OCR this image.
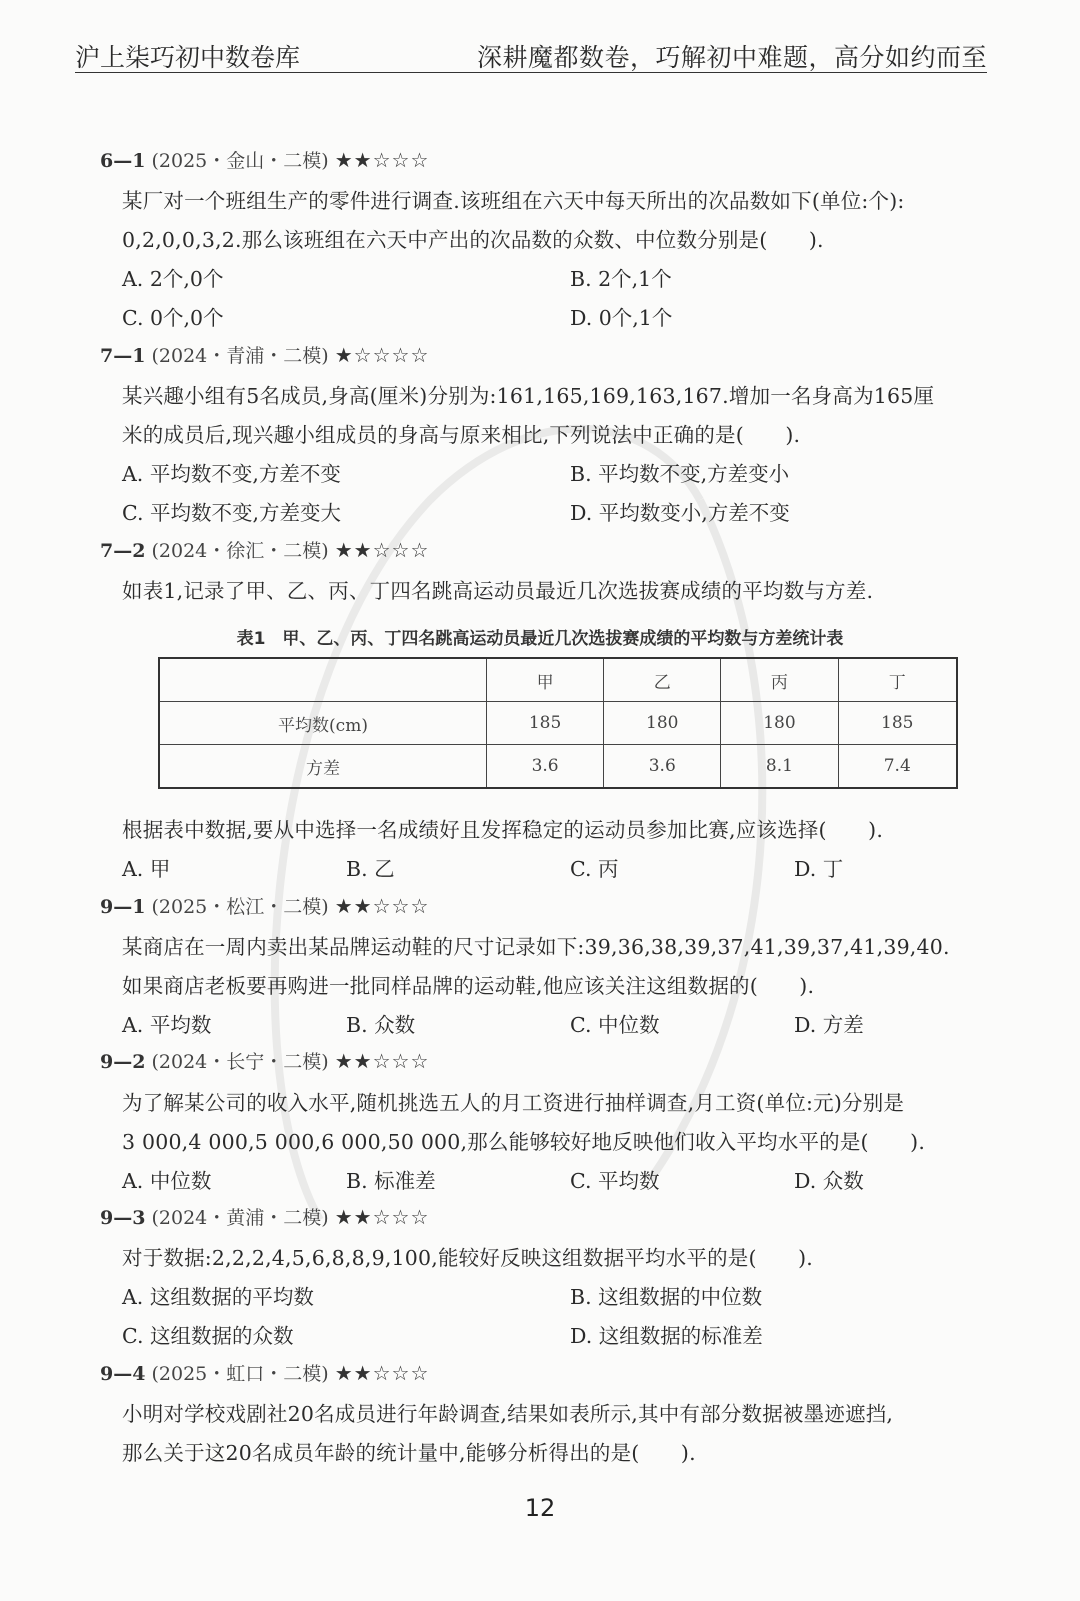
沪上柒巧初中数卷库	深耕魔都数卷，巧解初中难题，高分如约而至
6—1 (2025・金山・二模) ★★☆☆☆
某厂对一个班组生产的零件进行调查.该班组在六天中每天所出的次品数如下(单位:个):
0,2,0,0,3,2.那么该班组在六天中产出的次品数的众数、中位数分别是(　　).
A. 2个,0个	B. 2个,1个
C. 0个,0个	D. 0个,1个
7—1 (2024・青浦・二模) ★☆☆☆☆
某兴趣小组有5名成员,身高(厘米)分别为:161,165,169,163,167.增加一名身高为165厘
米的成员后,现兴趣小组成员的身高与原来相比,下列说法中正确的是(　　).
A. 平均数不变,方差不变	B. 平均数不变,方差变小
C. 平均数不变,方差变大	D. 平均数变小,方差不变
7—2 (2024・徐汇・二模) ★★☆☆☆
如表1,记录了甲、乙、丙、丁四名跳高运动员最近几次选拔赛成绩的平均数与方差.
表1　甲、乙、丙、丁四名跳高运动员最近几次选拔赛成绩的平均数与方差统计表
	甲	乙	丙	丁
平均数(cm)	185	180	180	185
方差	3.6	3.6	8.1	7.4
根据表中数据,要从中选择一名成绩好且发挥稳定的运动员参加比赛,应该选择(　　).
A. 甲	B. 乙	C. 丙	D. 丁
9—1 (2025・松江・二模) ★★☆☆☆
某商店在一周内卖出某品牌运动鞋的尺寸记录如下:39,36,38,39,37,41,39,37,41,39,40.
如果商店老板要再购进一批同样品牌的运动鞋,他应该关注这组数据的(　　).
A. 平均数	B. 众数	C. 中位数	D. 方差
9—2 (2024・长宁・二模) ★★☆☆☆
为了解某公司的收入水平,随机挑选五人的月工资进行抽样调查,月工资(单位:元)分别是
3 000,4 000,5 000,6 000,50 000,那么能够较好地反映他们收入平均水平的是(　　).
A. 中位数	B. 标准差	C. 平均数	D. 众数
9—3 (2024・黄浦・二模) ★★☆☆☆
对于数据:2,2,2,4,5,6,8,8,9,100,能较好反映这组数据平均水平的是(　　).
A. 这组数据的平均数	B. 这组数据的中位数
C. 这组数据的众数	D. 这组数据的标准差
9—4 (2025・虹口・二模) ★★☆☆☆
小明对学校戏剧社20名成员进行年龄调查,结果如表所示,其中有部分数据被墨迹遮挡,
那么关于这20名成员年龄的统计量中,能够分析得出的是(　　).
12
